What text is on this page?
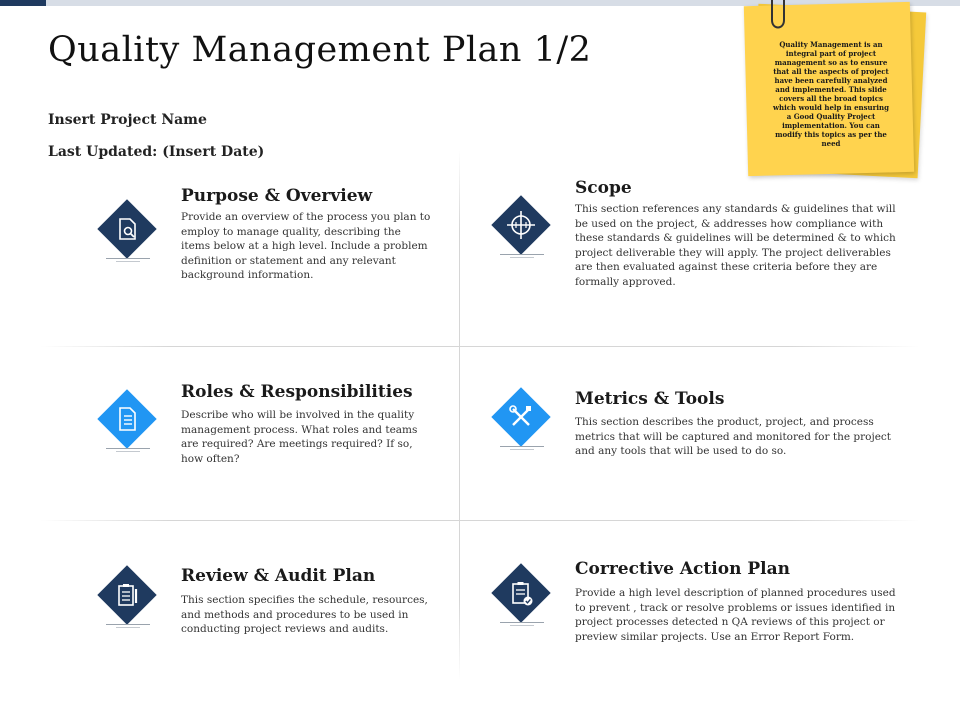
Quality Management Plan 1/2
Insert Project Name
Last Updated: (Insert Date)
Quality Management is an integral part of project management so as to ensure that all the aspects of project have been carefully analyzed and implemented. This slide covers all the broad topics which would help in ensuring a Good Quality Project implementation. You can modify this topics as per the need
Purpose & Overview
Provide an overview of the process you plan to employ to manage quality, describing the items below at a high level. Include a problem definition or statement and any relevant background information.
Scope
This section references any standards & guidelines that will be used on the project, & addresses how compliance with these standards & guidelines will be determined & to which project deliverable they will apply. The project deliverables are then evaluated against these criteria before they are formally approved.
Roles & Responsibilities
Describe who will be involved in the quality management process. What roles and teams are required? Are meetings required? If so, how often?
Metrics & Tools
This section describes the product, project, and process metrics that will be captured and monitored for the project and any tools that will be used to do so.
Review & Audit Plan
This section specifies the schedule, resources, and methods and procedures to be used in conducting project reviews and audits.
Corrective Action Plan
Provide a high level description of planned procedures used to prevent , track or resolve problems or issues identified in project processes detected n QA reviews of this project or preview similar projects. Use an Error Report Form.
